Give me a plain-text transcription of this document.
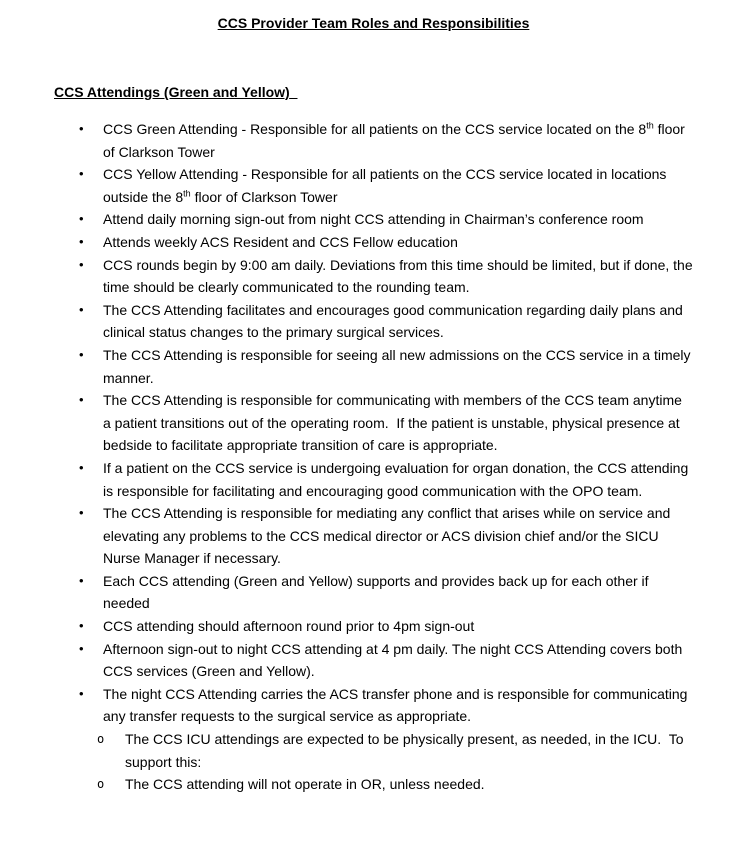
CCS Provider Team Roles and Responsibilities
CCS Attendings (Green and Yellow)
• CCS Green Attending - Responsible for all patients on the CCS service located on the 8th floor of Clarkson Tower
• CCS Yellow Attending - Responsible for all patients on the CCS service located in locations outside the 8th floor of Clarkson Tower
• Attend daily morning sign-out from night CCS attending in Chairman’s conference room
• Attends weekly ACS Resident and CCS Fellow education
• CCS rounds begin by 9:00 am daily. Deviations from this time should be limited, but if done, the time should be clearly communicated to the rounding team.
• The CCS Attending facilitates and encourages good communication regarding daily plans and clinical status changes to the primary surgical services.
• The CCS Attending is responsible for seeing all new admissions on the CCS service in a timely manner.
• The CCS Attending is responsible for communicating with members of the CCS team anytime a patient transitions out of the operating room.  If the patient is unstable, physical presence at bedside to facilitate appropriate transition of care is appropriate.
• If a patient on the CCS service is undergoing evaluation for organ donation, the CCS attending is responsible for facilitating and encouraging good communication with the OPO team.
• The CCS Attending is responsible for mediating any conflict that arises while on service and elevating any problems to the CCS medical director or ACS division chief and/or the SICU Nurse Manager if necessary.
• Each CCS attending (Green and Yellow) supports and provides back up for each other if needed
• CCS attending should afternoon round prior to 4pm sign-out
• Afternoon sign-out to night CCS attending at 4 pm daily. The night CCS Attending covers both CCS services (Green and Yellow).
• The night CCS Attending carries the ACS transfer phone and is responsible for communicating any transfer requests to the surgical service as appropriate.
o The CCS ICU attendings are expected to be physically present, as needed, in the ICU.  To support this:
o The CCS attending will not operate in OR, unless needed.
